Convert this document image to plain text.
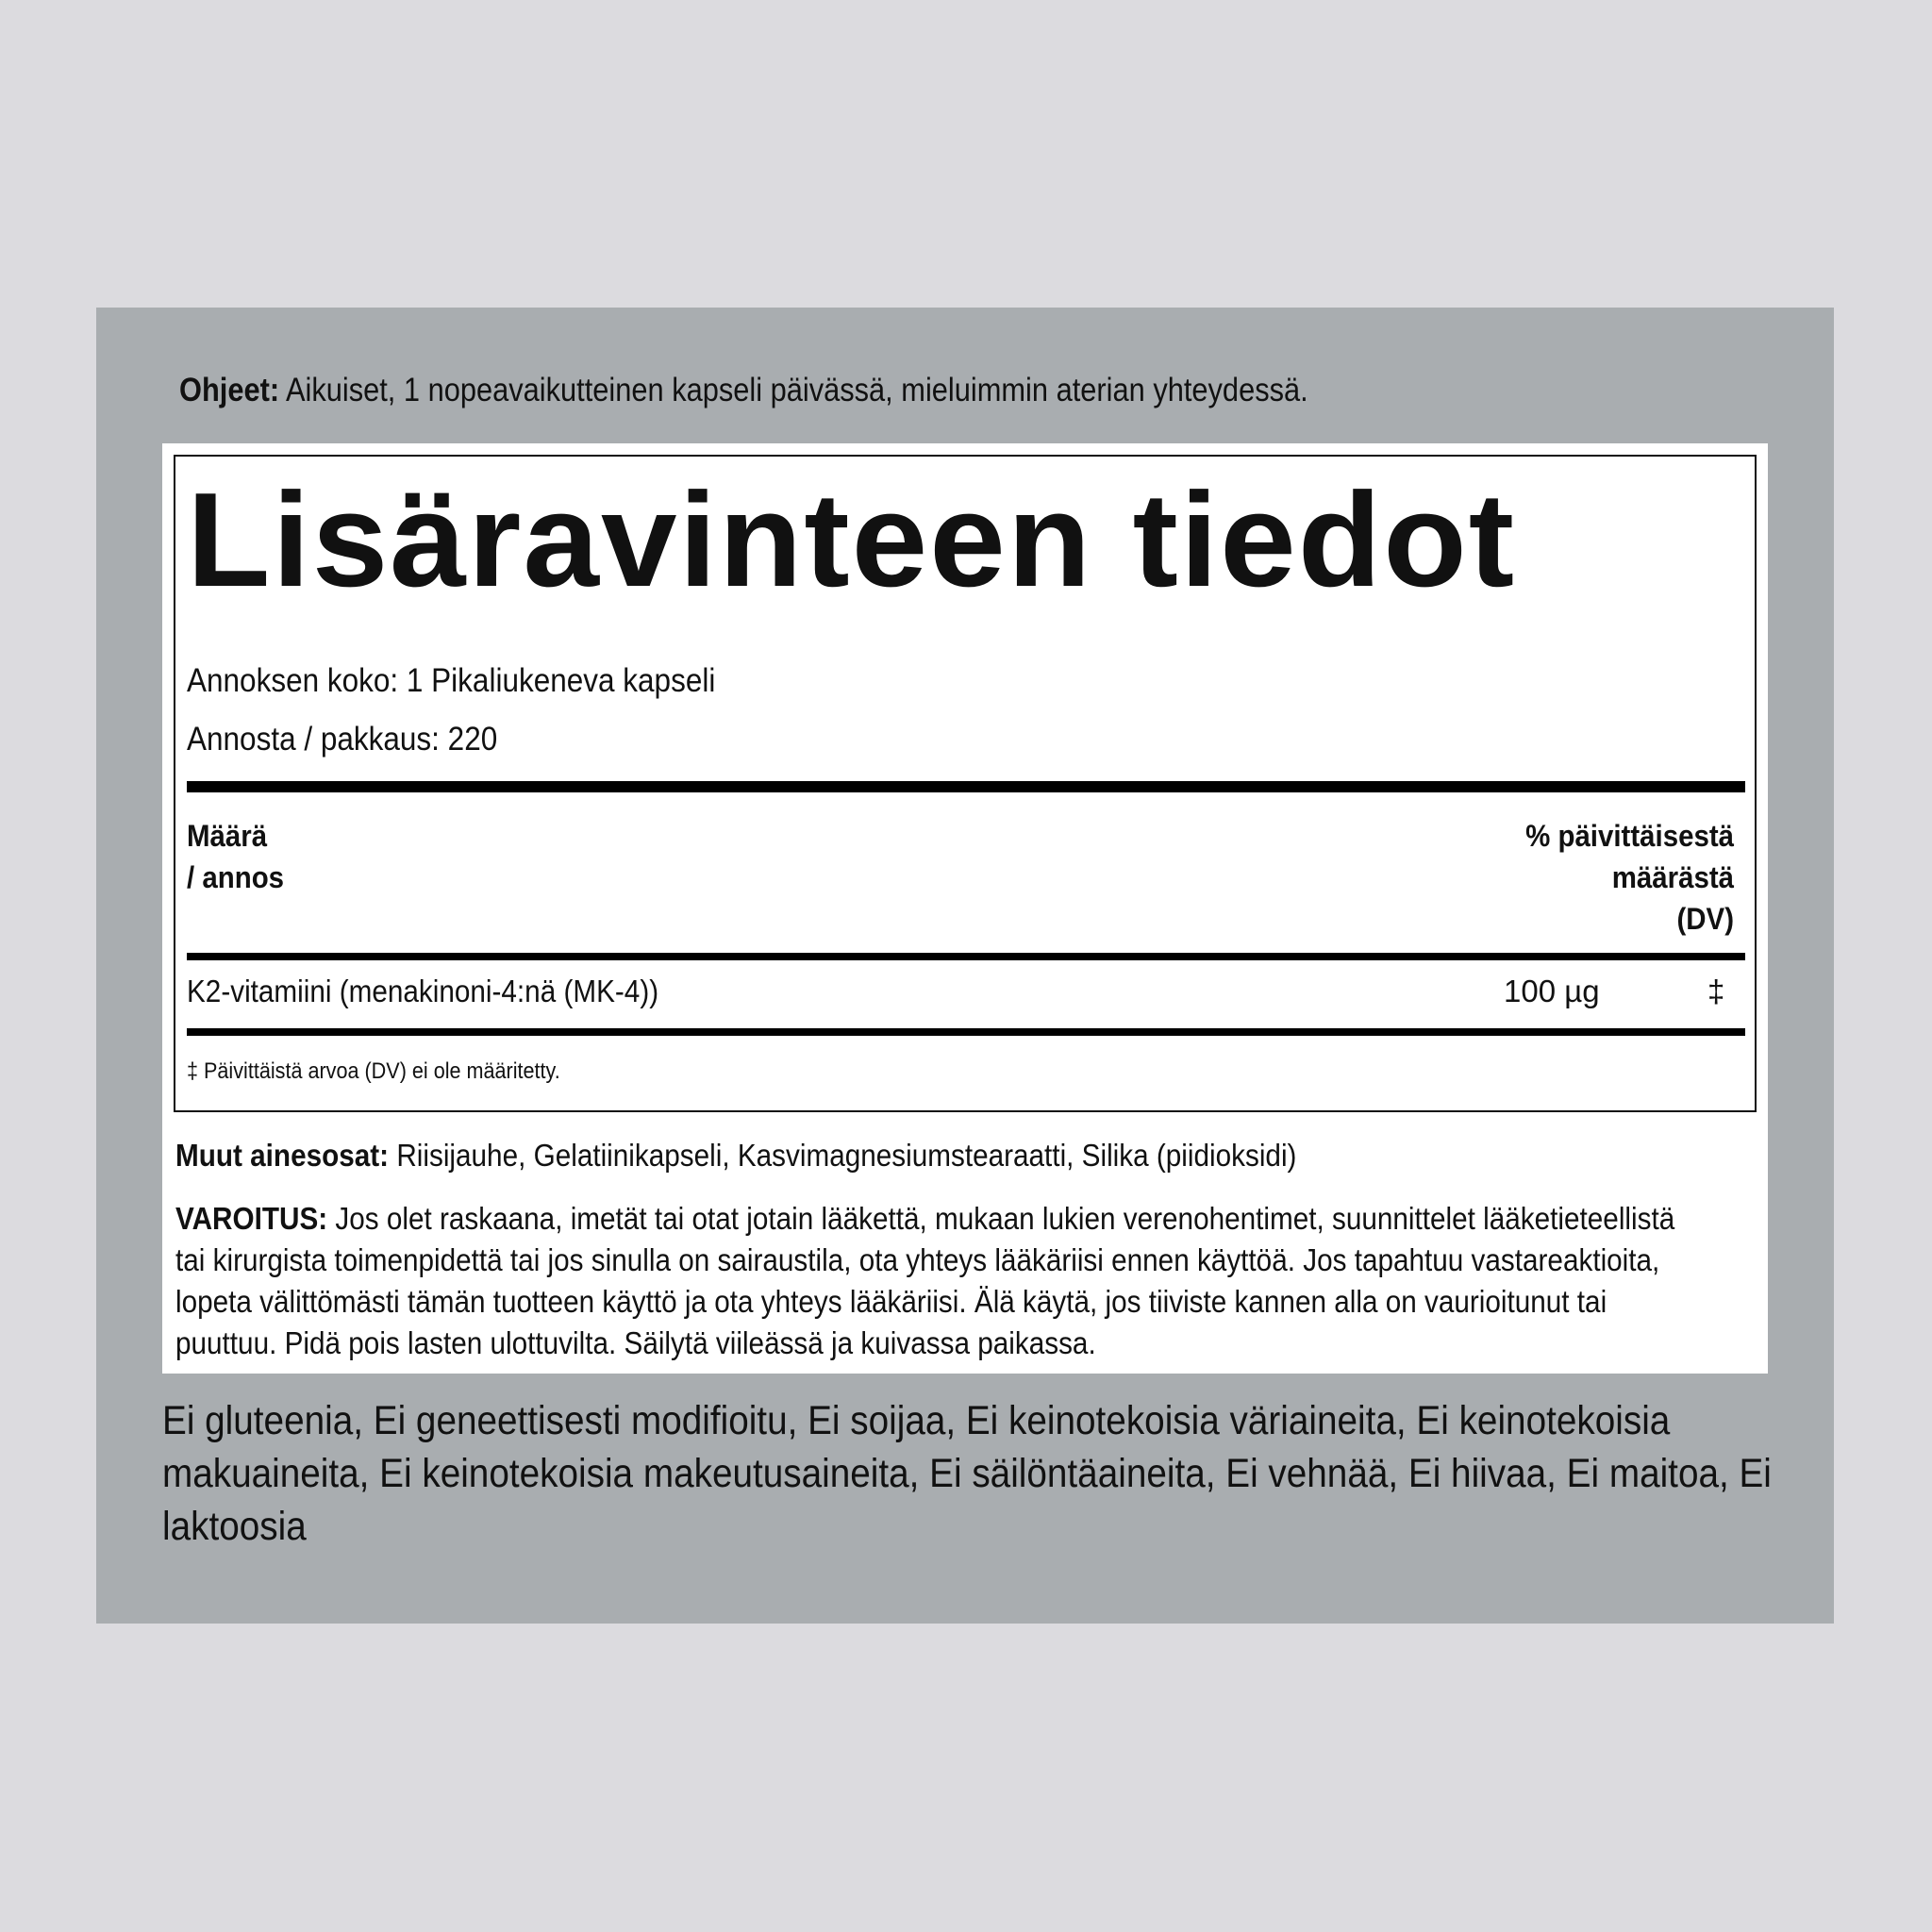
Ohjeet: Aikuiset, 1 nopeavaikutteinen kapseli päivässä, mieluimmin aterian yhteydessä.
Lisäravinteen tiedot
Annoksen koko: 1 Pikaliukeneva kapseli
Annosta / pakkaus: 220
Määrä
/ annos
% päivittäisestä
määrästä
(DV)
K2-vitamiini (menakinoni-4:nä (MK-4))	100 µg	‡
‡ Päivittäistä arvoa (DV) ei ole määritetty.
Muut ainesosat: Riisijauhe, Gelatiinikapseli, Kasvimagnesiumstearaatti, Silika (piidioksidi)
VAROITUS: Jos olet raskaana, imetät tai otat jotain lääkettä, mukaan lukien verenohentimet, suunnittelet lääketieteellistä
tai kirurgista toimenpidettä tai jos sinulla on sairaustila, ota yhteys lääkäriisi ennen käyttöä. Jos tapahtuu vastareaktioita,
lopeta välittömästi tämän tuotteen käyttö ja ota yhteys lääkäriisi. Älä käytä, jos tiiviste kannen alla on vaurioitunut tai
puuttuu. Pidä pois lasten ulottuvilta. Säilytä viileässä ja kuivassa paikassa.
Ei gluteenia, Ei geneettisesti modifioitu, Ei soijaa, Ei keinotekoisia väriaineita, Ei keinotekoisia
makuaineita, Ei keinotekoisia makeutusaineita, Ei säilöntäaineita, Ei vehnää, Ei hiivaa, Ei maitoa, Ei
laktoosia
